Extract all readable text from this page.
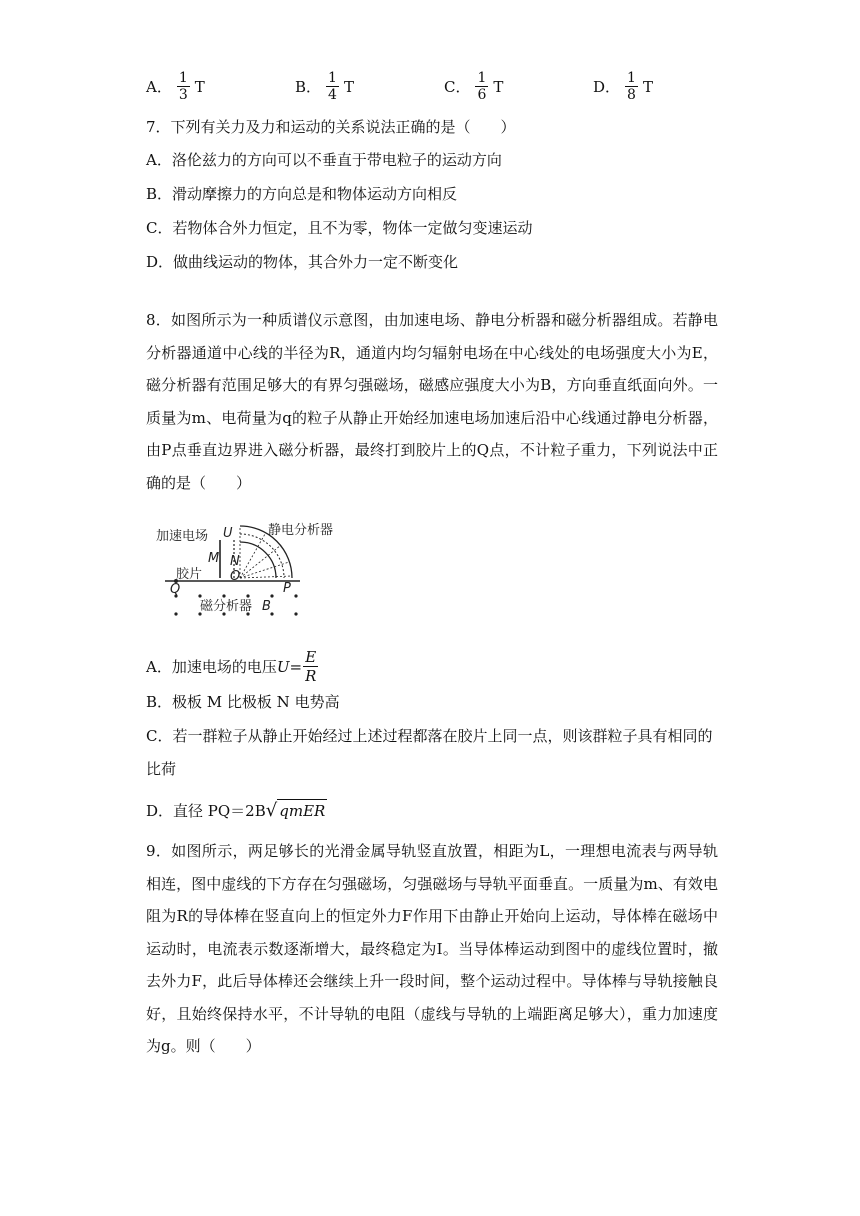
A． $\frac{1}{3}$ T	B． $\frac{1}{4}$ T	C． $\frac{1}{6}$ T	D． $\frac{1}{8}$ T
7．下列有关力及力和运动的关系说法正确的是（　　）
A．洛伦兹力的方向可以不垂直于带电粒子的运动方向
B．滑动摩擦力的方向总是和物体运动方向相反
C．若物体合外力恒定，且不为零，物体一定做匀变速运动
D．做曲线运动的物体，其合外力一定不断变化
8．如图所示为一种质谱仪示意图，由加速电场、静电分析器和磁分析器组成。若静电分析器通道中心线的半径为R，通道内均匀辐射电场在中心线处的电场强度大小为E，磁分析器有范围足够大的有界匀强磁场，磁感应强度大小为B，方向垂直纸面向外。一质量为m、电荷量为q的粒子从静止开始经加速电场加速后沿中心线通过静电分析器，由P点垂直边界进入磁分析器，最终打到胶片上的Q点，不计粒子重力，下列说法中正确的是（　　）
加速电场	静电分析器
胶片
磁分析器
U
M N
O
Q	P
B
A．加速电场的电压 $U = \frac{E}{R}$
B．极板 M 比极板 N 电势高
C．若一群粒子从静止开始经过上述过程都落在胶片上同一点，则该群粒子具有相同的
比荷
D．直径 PQ＝2B√ qmER
9．如图所示，两足够长的光滑金属导轨竖直放置，相距为L，一理想电流表与两导轨相连，图中虚线的下方存在匀强磁场，匀强磁场与导轨平面垂直。一质量为m、有效电阻为R的导体棒在竖直向上的恒定外力F作用下由静止开始向上运动，导体棒在磁场中运动时，电流表示数逐渐增大，最终稳定为I。当导体棒运动到图中的虚线位置时，撤去外力F，此后导体棒还会继续上升一段时间，整个运动过程中。导体棒与导轨接触良好，且始终保持水平，不计导轨的电阻（虚线与导轨的上端距离足够大），重力加速度为g。则（　　）
